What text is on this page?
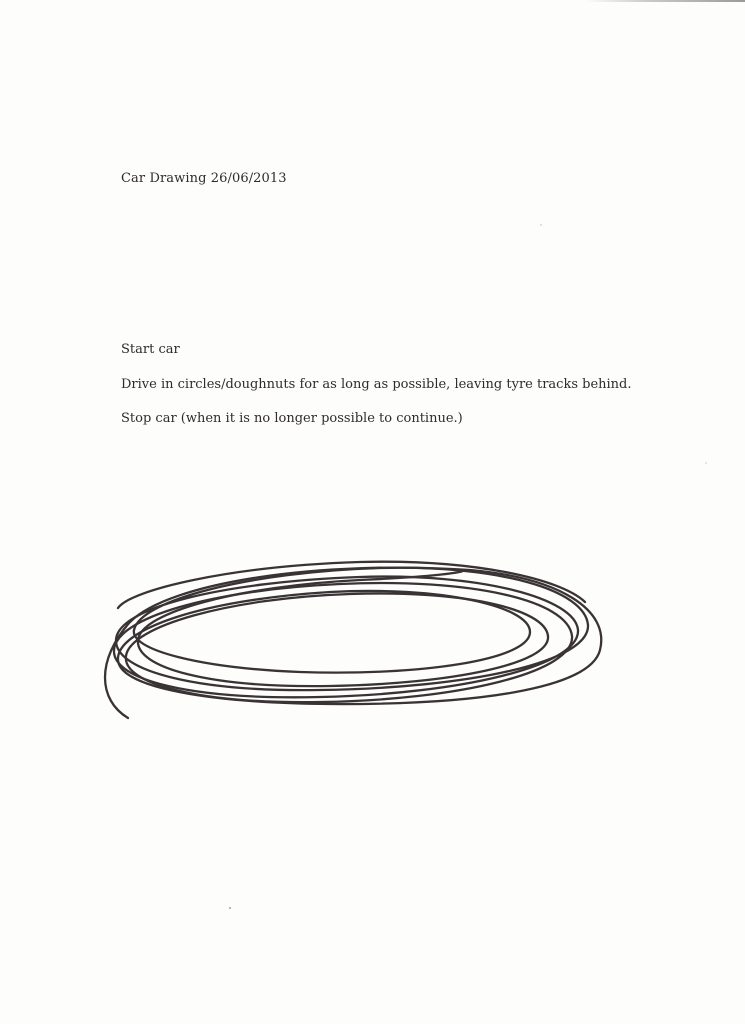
Car Drawing 26/06/2013
Start car
Drive in circles/doughnuts for as long as possible, leaving tyre tracks behind.
Stop car (when it is no longer possible to continue.)
